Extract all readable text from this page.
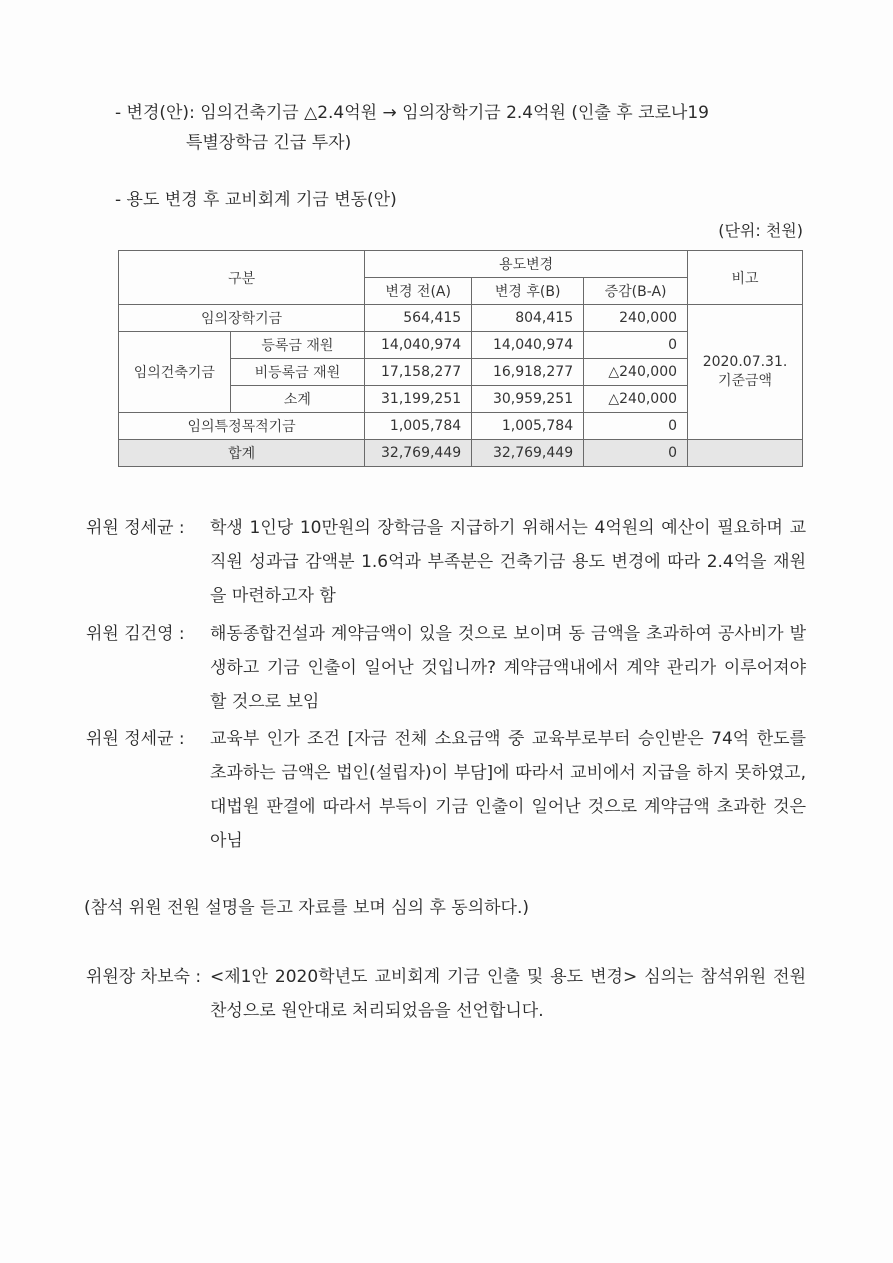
- 변경(안): 임의건축기금 △2.4억원 → 임의장학기금 2.4억원 (인출 후 코로나19
특별장학금 긴급 투자)
- 용도 변경 후 교비회계 기금 변동(안)
(단위: 천원)
구분		용도변경			비고
		변경 전(A)	변경 후(B)	증감(B-A)	
임의장학기금		564,415	804,415	240,000	2020.07.31.
기준금액

임의건축기금	등록금 재원	14,040,974	14,040,974	0	
	비등록금 재원	17,158,277	16,918,277	△240,000	
	소계	31,199,251	30,959,251	△240,000	
임의특정목적기금		1,005,784	1,005,784	0	
합계		32,769,449	32,769,449	0	
위원 정세균 : 학생 1인당 10만원의 장학금을 지급하기 위해서는 4억원의 예산이 필요하며 교직원 성과급 감액분 1.6억과 부족분은 건축기금 용도 변경에 따라 2.4억을 재원을 마련하고자 함
위원 김건영 : 해동종합건설과 계약금액이 있을 것으로 보이며 동 금액을 초과하여 공사비가 발생하고 기금 인출이 일어난 것입니까? 계약금액내에서 계약 관리가 이루어져야 할 것으로 보임
위원 정세균 : 교육부 인가 조건 [자금 전체 소요금액 중 교육부로부터 승인받은 74억 한도를 초과하는 금액은 법인(설립자)이 부담]에 따라서 교비에서 지급을 하지 못하였고, 대법원 판결에 따라서 부득이 기금 인출이 일어난 것으로 계약금액 초과한 것은 아님
(참석 위원 전원 설명을 듣고 자료를 보며 심의 후 동의하다.)
위원장 차보숙 : <제1안 2020학년도 교비회계 기금 인출 및 용도 변경> 심의는 참석위원 전원 찬성으로 원안대로 처리되었음을 선언합니다.
